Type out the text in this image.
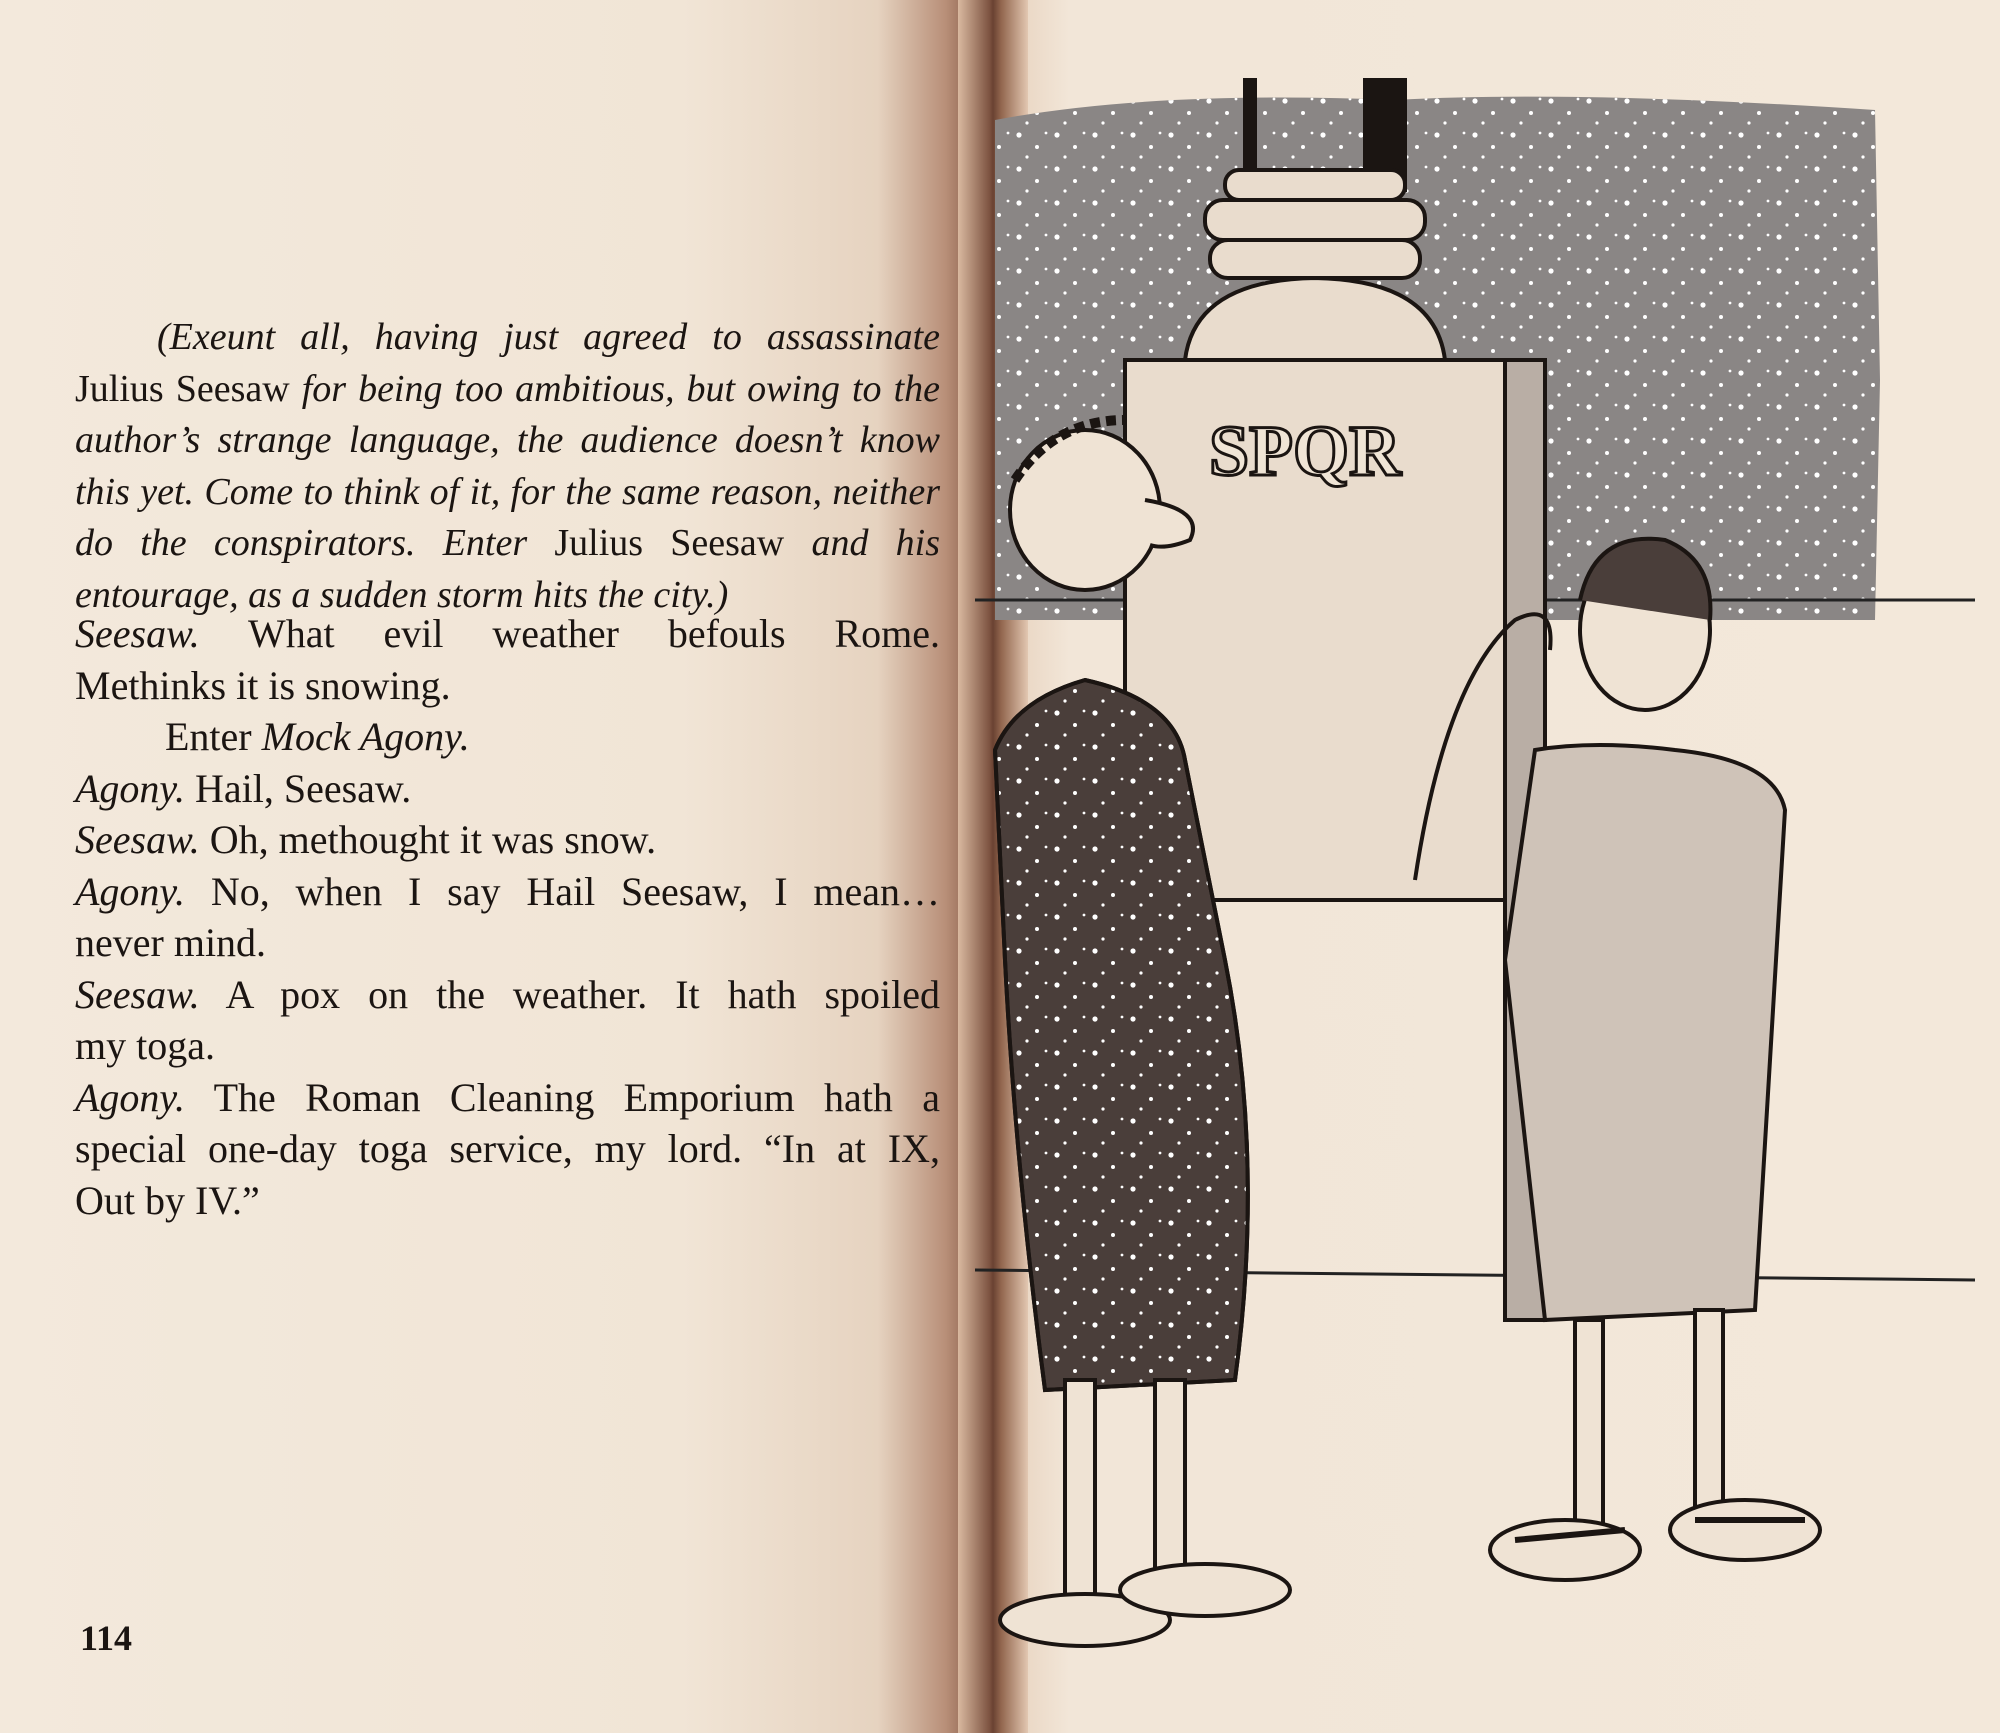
(Exeunt all, having just agreed to assassinate Julius Seesaw for being too ambitious, but owing to the author’s strange language, the audience doesn’t know this yet. Come to think of it, for the same reason, neither do the conspirators. Enter Julius Seesaw and his entourage, as a sudden storm hits the city.)

Seesaw. What evil weather befouls Rome.

Methinks it is snowing.

Enter Mock Agony.

Agony. Hail, Seesaw.

Seesaw. Oh, methought it was snow.

Agony. No, when I say Hail Seesaw, I mean…

never mind.

Seesaw. A pox on the weather. It hath spoiled

my toga.

Agony. The Roman Cleaning Emporium hath a

special one-day toga service, my lord. “In at IX,

Out by IV.”

114
SPQR
